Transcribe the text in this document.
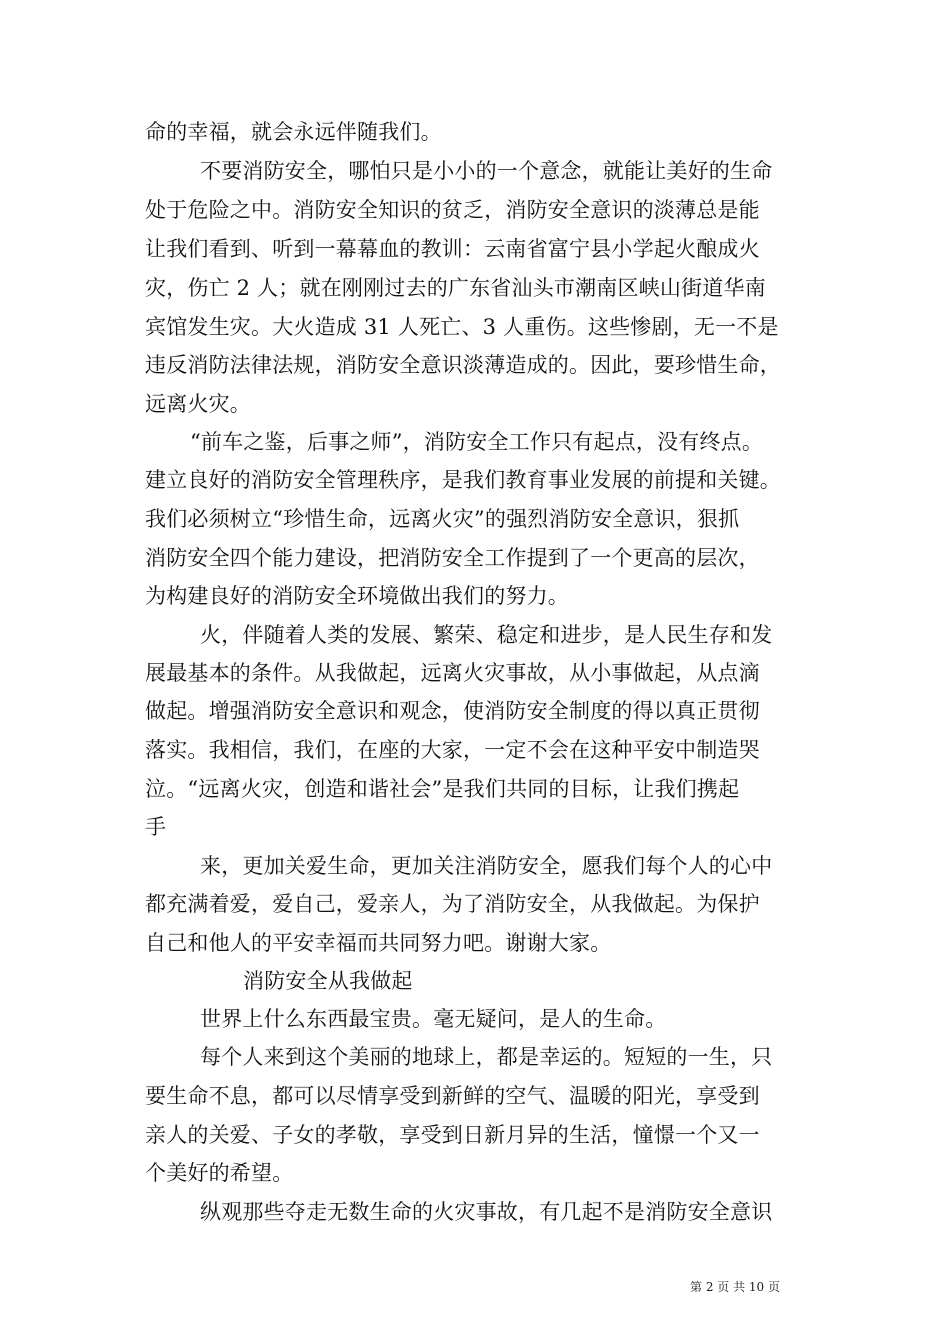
命的幸福，就会永远伴随我们。
不要消防安全，哪怕只是小小的一个意念，就能让美好的生命
处于危险之中。消防安全知识的贫乏，消防安全意识的淡薄总是能
让我们看到、听到一幕幕血的教训：云南省富宁县小学起火酿成火
灾，伤亡 2 人；就在刚刚过去的广东省汕头市潮南区峡山街道华南
宾馆发生灾。大火造成 31 人死亡、3 人重伤。这些惨剧，无一不是
违反消防法律法规，消防安全意识淡薄造成的。因此，要珍惜生命，
远离火灾。
“前车之鉴，后事之师”，消防安全工作只有起点，没有终点。
建立良好的消防安全管理秩序，是我们教育事业发展的前提和关键。
我们必须树立“珍惜生命，远离火灾”的强烈消防安全意识，狠抓
消防安全四个能力建设，把消防安全工作提到了一个更高的层次，
为构建良好的消防安全环境做出我们的努力。
火，伴随着人类的发展、繁荣、稳定和进步，是人民生存和发
展最基本的条件。从我做起，远离火灾事故，从小事做起，从点滴
做起。增强消防安全意识和观念，使消防安全制度的得以真正贯彻
落实。我相信，我们，在座的大家，一定不会在这种平安中制造哭
泣。“远离火灾，创造和谐社会”是我们共同的目标，让我们携起
手
来，更加关爱生命，更加关注消防安全，愿我们每个人的心中
都充满着爱，爱自己，爱亲人，为了消防安全，从我做起。为保护
自己和他人的平安幸福而共同努力吧。谢谢大家。
消防安全从我做起
世界上什么东西最宝贵。毫无疑问，是人的生命。
每个人来到这个美丽的地球上，都是幸运的。短短的一生，只
要生命不息，都可以尽情享受到新鲜的空气、温暖的阳光，享受到
亲人的关爱、子女的孝敬，享受到日新月异的生活，憧憬一个又一
个美好的希望。
纵观那些夺走无数生命的火灾事故，有几起不是消防安全意识
第 2 页 共 10 页
